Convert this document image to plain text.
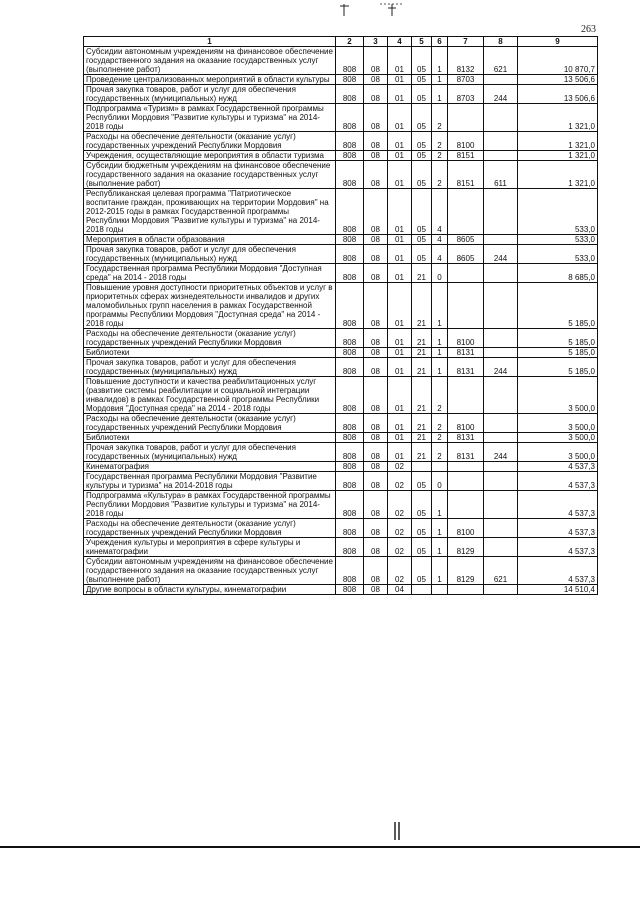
263
1	2	3	4	5	6	7	8	9
Субсидии автономным учреждениям на финансовое обеспечение государственного задания на оказание государственных услуг (выполнение работ)	808	08	01	05	1	8132	621	10 870,7
Проведение централизованных мероприятий в области культуры	808	08	01	05	1	8703		13 506,6
Прочая закупка товаров, работ и услуг для обеспечения государственных (муниципальных) нужд	808	08	01	05	1	8703	244	13 506,6
Подпрограмма «Туризм» в рамках Государственной программы Республики Мордовия "Развитие культуры и туризма" на 2014-2018 годы	808	08	01	05	2			1 321,0
Расходы на обеспечение деятельности (оказание услуг) государственных учреждений Республики Мордовия	808	08	01	05	2	8100		1 321,0
Учреждения, осуществляющие мероприятия в области туризма	808	08	01	05	2	8151		1 321,0
Субсидии бюджетным учреждениям на финансовое обеспечение государственного задания на оказание государственных услуг (выполнение работ)	808	08	01	05	2	8151	611	1 321,0
Республиканская целевая программа "Патриотическое воспитание граждан, проживающих на территории Мордовия" на 2012-2015 годы в рамках Государственной программы Республики Мордовия "Развитие культуры и туризма" на 2014-2018 годы	808	08	01	05	4			533,0
Мероприятия в области образования	808	08	01	05	4	8605		533,0
Прочая закупка товаров, работ и услуг для обеспечения государственных (муниципальных) нужд	808	08	01	05	4	8605	244	533,0
Государственная программа Республики Мордовия "Доступная среда" на 2014 - 2018 годы	808	08	01	21	0			8 685,0
Повышение уровня доступности приоритетных объектов и услуг в приоритетных сферах жизнедеятельности инвалидов и других маломобильных групп населения в рамках Государственной программы Республики Мордовия "Доступная среда" на 2014 - 2018 годы	808	08	01	21	1			5 185,0
Расходы на обеспечение деятельности (оказание услуг) государственных учреждений Республики Мордовия	808	08	01	21	1	8100		5 185,0
Библиотеки	808	08	01	21	1	8131		5 185,0
Прочая закупка товаров, работ и услуг для обеспечения государственных (муниципальных) нужд	808	08	01	21	1	8131	244	5 185,0
Повышение доступности и качества реабилитационных услуг (развитие системы реабилитации и социальной интеграции инвалидов) в рамках Государственной программы Республики Мордовия "Доступная среда" на 2014 - 2018 годы	808	08	01	21	2			3 500,0
Расходы на обеспечение деятельности (оказание услуг) государственных учреждений Республики Мордовия	808	08	01	21	2	8100		3 500,0
Библиотеки	808	08	01	21	2	8131		3 500,0
Прочая закупка товаров, работ и услуг для обеспечения государственных (муниципальных) нужд	808	08	01	21	2	8131	244	3 500,0
Кинематография	808	08	02					4 537,3
Государственная программа Республики Мордовия "Развитие культуры и туризма" на 2014-2018 годы	808	08	02	05	0			4 537,3
Подпрограмма «Культура» в рамках Государственной программы Республики Мордовия "Развитие культуры и туризма" на 2014-2018 годы	808	08	02	05	1			4 537,3
Расходы на обеспечение деятельности (оказание услуг) государственных учреждений Республики Мордовия	808	08	02	05	1	8100		4 537,3
Учреждения культуры и мероприятия в сфере культуры и кинематографии	808	08	02	05	1	8129		4 537,3
Субсидии автономным учреждениям на финансовое обеспечение государственного задания на оказание государственных услуг (выполнение работ)	808	08	02	05	1	8129	621	4 537,3
Другие вопросы в области культуры, кинематографии	808	08	04					14 510,4
